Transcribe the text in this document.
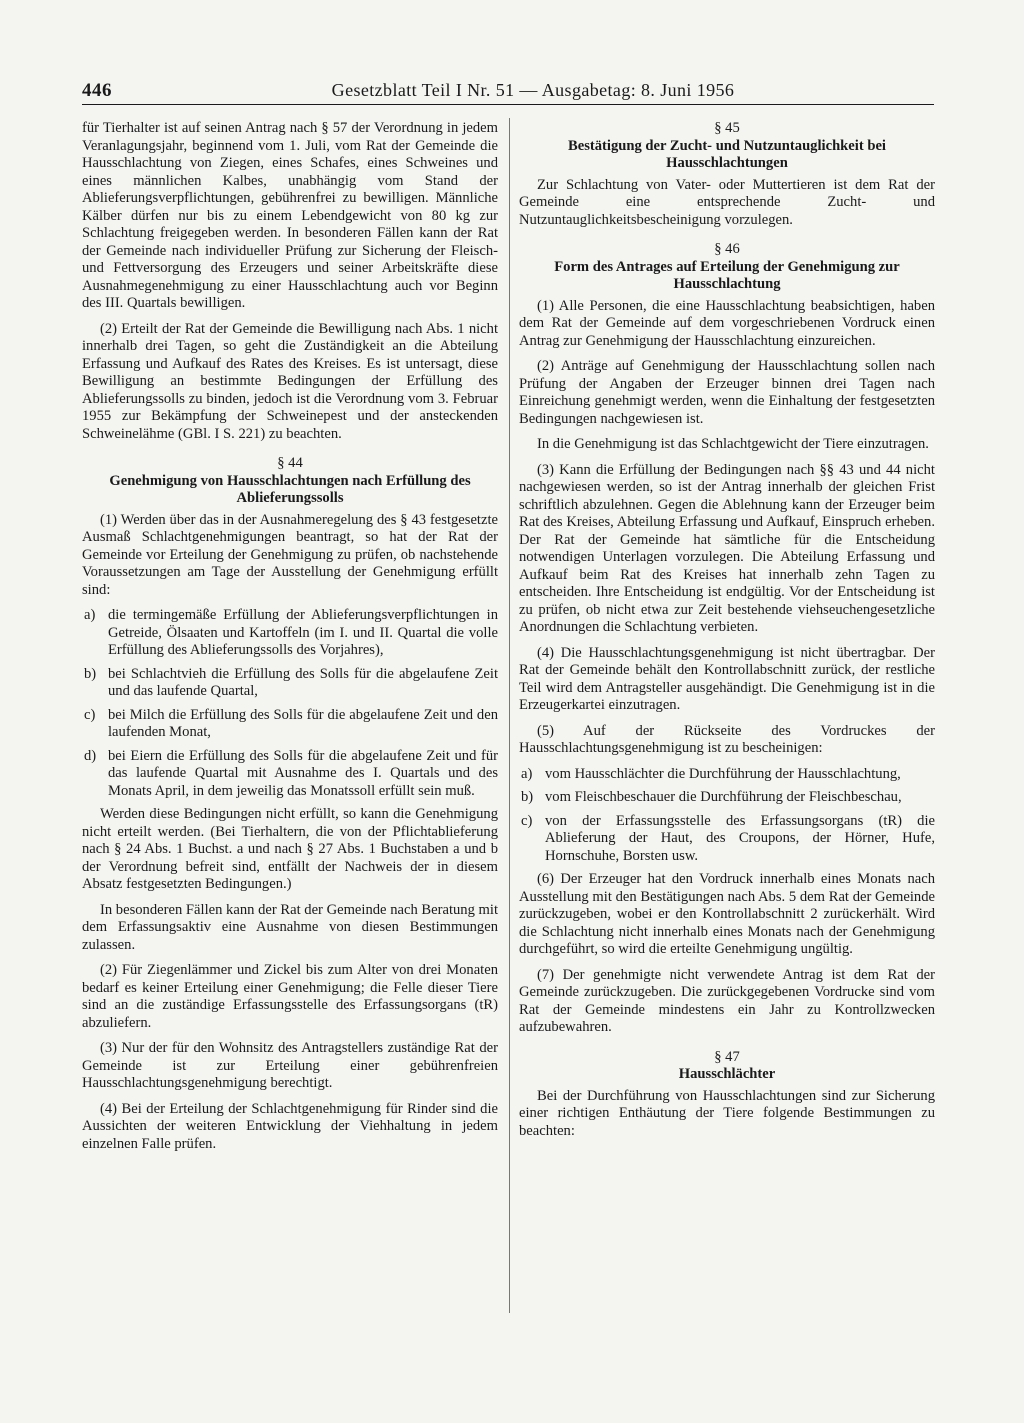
446	Gesetzblatt Teil I Nr. 51 — Ausgabetag: 8. Juni 1956

für Tierhalter ist auf seinen Antrag nach § 57 der Verordnung in jedem Veranlagungsjahr, beginnend vom 1. Juli, vom Rat der Gemeinde die Hausschlachtung von Ziegen, eines Schafes, eines Schweines und eines männlichen Kalbes, unabhängig vom Stand der Ablieferungsverpflichtungen, gebührenfrei zu bewilligen. Männliche Kälber dürfen nur bis zu einem Lebendgewicht von 80 kg zur Schlachtung freigegeben werden. In besonderen Fällen kann der Rat der Gemeinde nach individueller Prüfung zur Sicherung der Fleisch- und Fettversorgung des Erzeugers und seiner Arbeitskräfte diese Ausnahmegenehmigung zu einer Hausschlachtung auch vor Beginn des III. Quartals bewilligen.

(2) Erteilt der Rat der Gemeinde die Bewilligung nach Abs. 1 nicht innerhalb drei Tagen, so geht die Zuständigkeit an die Abteilung Erfassung und Aufkauf des Rates des Kreises. Es ist untersagt, diese Bewilligung an bestimmte Bedingungen der Erfüllung des Ablieferungssolls zu binden, jedoch ist die Verordnung vom 3. Februar 1955 zur Bekämpfung der Schweinepest und der ansteckenden Schweinelähme (GBl. I S. 221) zu beachten.

§ 44
Genehmigung von Hausschlachtungen nach Erfüllung des Ablieferungssolls

(1) Werden über das in der Ausnahmeregelung des § 43 festgesetzte Ausmaß Schlachtgenehmigungen beantragt, so hat der Rat der Gemeinde vor Erteilung der Genehmigung zu prüfen, ob nachstehende Voraussetzungen am Tage der Ausstellung der Genehmigung erfüllt sind:

a) die termingemäße Erfüllung der Ablieferungsverpflichtungen in Getreide, Ölsaaten und Kartoffeln (im I. und II. Quartal die volle Erfüllung des Ablieferungssolls des Vorjahres),
b) bei Schlachtvieh die Erfüllung des Solls für die abgelaufene Zeit und das laufende Quartal,
c) bei Milch die Erfüllung des Solls für die abgelaufene Zeit und den laufenden Monat,
d) bei Eiern die Erfüllung des Solls für die abgelaufene Zeit und für das laufende Quartal mit Ausnahme des I. Quartals und des Monats April, in dem jeweilig das Monatssoll erfüllt sein muß.

Werden diese Bedingungen nicht erfüllt, so kann die Genehmigung nicht erteilt werden. (Bei Tierhaltern, die von der Pflichtablieferung nach § 24 Abs. 1 Buchst. a und nach § 27 Abs. 1 Buchstaben a und b der Verordnung befreit sind, entfällt der Nachweis der in diesem Absatz festgesetzten Bedingungen.)

In besonderen Fällen kann der Rat der Gemeinde nach Beratung mit dem Erfassungsaktiv eine Ausnahme von diesen Bestimmungen zulassen.

(2) Für Ziegenlämmer und Zickel bis zum Alter von drei Monaten bedarf es keiner Erteilung einer Genehmigung; die Felle dieser Tiere sind an die zuständige Erfassungsstelle des Erfassungsorgans (tR) abzuliefern.

(3) Nur der für den Wohnsitz des Antragstellers zuständige Rat der Gemeinde ist zur Erteilung einer gebührenfreien Hausschlachtungsgenehmigung berechtigt.

(4) Bei der Erteilung der Schlachtgenehmigung für Rinder sind die Aussichten der weiteren Entwicklung der Viehhaltung in jedem einzelnen Falle prüfen.

§ 45
Bestätigung der Zucht- und Nutzuntauglichkeit bei Hausschlachtungen

Zur Schlachtung von Vater- oder Muttertieren ist dem Rat der Gemeinde eine entsprechende Zucht- und Nutzuntauglichkeitsbescheinigung vorzulegen.

§ 46
Form des Antrages auf Erteilung der Genehmigung zur Hausschlachtung

(1) Alle Personen, die eine Hausschlachtung beabsichtigen, haben dem Rat der Gemeinde auf dem vorgeschriebenen Vordruck einen Antrag zur Genehmigung der Hausschlachtung einzureichen.

(2) Anträge auf Genehmigung der Hausschlachtung sollen nach Prüfung der Angaben der Erzeuger binnen drei Tagen nach Einreichung genehmigt werden, wenn die Einhaltung der festgesetzten Bedingungen nachgewiesen ist.

In die Genehmigung ist das Schlachtgewicht der Tiere einzutragen.

(3) Kann die Erfüllung der Bedingungen nach §§ 43 und 44 nicht nachgewiesen werden, so ist der Antrag innerhalb der gleichen Frist schriftlich abzulehnen. Gegen die Ablehnung kann der Erzeuger beim Rat des Kreises, Abteilung Erfassung und Aufkauf, Einspruch erheben. Der Rat der Gemeinde hat sämtliche für die Entscheidung notwendigen Unterlagen vorzulegen. Die Abteilung Erfassung und Aufkauf beim Rat des Kreises hat innerhalb zehn Tagen zu entscheiden. Ihre Entscheidung ist endgültig. Vor der Entscheidung ist zu prüfen, ob nicht etwa zur Zeit bestehende viehseuchengesetzliche Anordnungen die Schlachtung verbieten.

(4) Die Hausschlachtungsgenehmigung ist nicht übertragbar. Der Rat der Gemeinde behält den Kontrollabschnitt zurück, der restliche Teil wird dem Antragsteller ausgehändigt. Die Genehmigung ist in die Erzeugerkartei einzutragen.

(5) Auf der Rückseite des Vordruckes der Hausschlachtungsgenehmigung ist zu bescheinigen:

a) vom Hausschlächter die Durchführung der Hausschlachtung,
b) vom Fleischbeschauer die Durchführung der Fleischbeschau,
c) von der Erfassungsstelle des Erfassungsorgans (tR) die Ablieferung der Haut, des Croupons, der Hörner, Hufe, Hornschuhe, Borsten usw.

(6) Der Erzeuger hat den Vordruck innerhalb eines Monats nach Ausstellung mit den Bestätigungen nach Abs. 5 dem Rat der Gemeinde zurückzugeben, wobei er den Kontrollabschnitt 2 zurückerhält. Wird die Schlachtung nicht innerhalb eines Monats nach der Genehmigung durchgeführt, so wird die erteilte Genehmigung ungültig.

(7) Der genehmigte nicht verwendete Antrag ist dem Rat der Gemeinde zurückzugeben. Die zurückgegebenen Vordrucke sind vom Rat der Gemeinde mindestens ein Jahr zu Kontrollzwecken aufzubewahren.

§ 47
Hausschlächter

Bei der Durchführung von Hausschlachtungen sind zur Sicherung einer richtigen Enthäutung der Tiere folgende Bestimmungen zu beachten:
